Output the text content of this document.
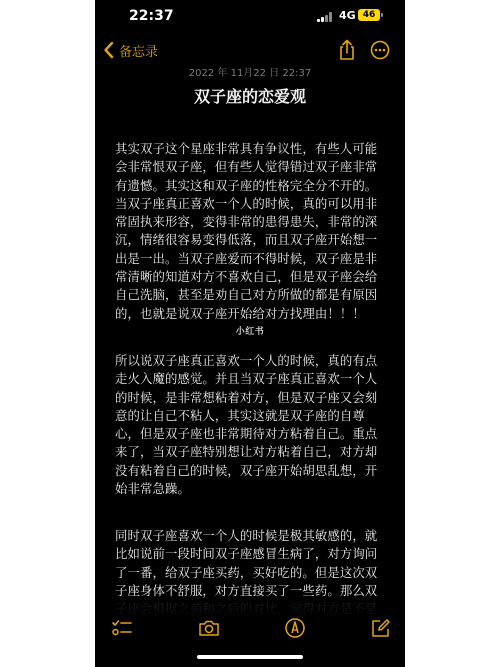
22:37	4G 46
备忘录
2022 年 11月22 日 22:37
双子座的恋爱观

其实双子这个星座非常具有争议性，有些人可能会非常恨双子座，但有些人觉得错过双子座非常有遗憾。其实这和双子座的性格完全分不开的。当双子座真正喜欢一个人的时候，真的可以用非常固执来形容，变得非常的患得患失，非常的深沉，情绪很容易变得低落，而且双子座开始想一出是一出。当双子座爱而不得时候，双子座是非常清晰的知道对方不喜欢自己，但是双子座会给自己洗脑，甚至是劝自己对方所做的都是有原因的，也就是说双子座开始给对方找理由！！！

小红书

所以说双子座真正喜欢一个人的时候，真的有点走火入魔的感觉。并且当双子座真正喜欢一个人的时候，是非常想粘着对方，但是双子座又会刻意的让自己不粘人，其实这就是双子座的自尊心，但是双子座也非常期待对方粘着自己。重点来了，当双子座特别想让对方粘着自己，对方却没有粘着自己的时候，双子座开始胡思乱想，开始非常急躁。

同时双子座喜欢一个人的时候是极其敏感的，就比如说前一段时间双子座感冒生病了，对方询问了一番，给双子座买药，买好吃的。但是这次双子座身体不舒服，对方直接买了一些药。那么双
